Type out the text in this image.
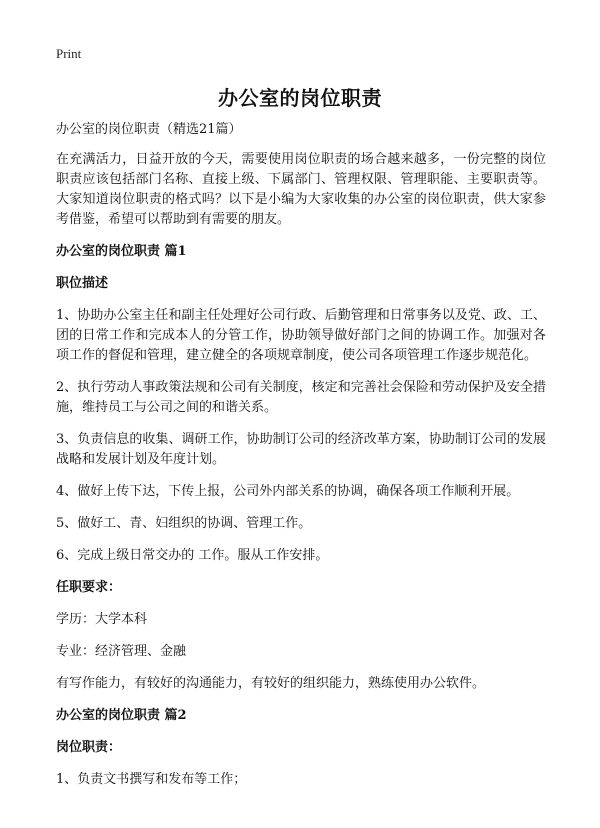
Print
办公室的岗位职责
办公室的岗位职责（精选21篇）

在充满活力，日益开放的今天，需要使用岗位职责的场合越来越多，一份完整的岗位职责应该包括部门名称、直接上级、下属部门、管理权限、管理职能、主要职责等。大家知道岗位职责的格式吗？以下是小编为大家收集的办公室的岗位职责，供大家参考借鉴，希望可以帮助到有需要的朋友。

办公室的岗位职责 篇1
职位描述

1、协助办公室主任和副主任处理好公司行政、后勤管理和日常事务以及党、政、工、团的日常工作和完成本人的分管工作，协助领导做好部门之间的协调工作。加强对各项工作的督促和管理，建立健全的各项规章制度，使公司各项管理工作逐步规范化。

2、执行劳动人事政策法规和公司有关制度，核定和完善社会保险和劳动保护及安全措施，维持员工与公司之间的和谐关系。

3、负责信息的收集、调研工作，协助制订公司的经济改革方案，协助制订公司的发展战略和发展计划及年度计划。

4、做好上传下达，下传上报，公司外内部关系的协调，确保各项工作顺利开展。

5、做好工、青、妇组织的协调、管理工作。

6、完成上级日常交办的 工作。服从工作安排。

任职要求：

学历：大学本科

专业：经济管理、金融

有写作能力，有较好的沟通能力，有较好的组织能力，熟练使用办公软件。

办公室的岗位职责 篇2
岗位职责：

1、负责文书撰写和发布等工作；
